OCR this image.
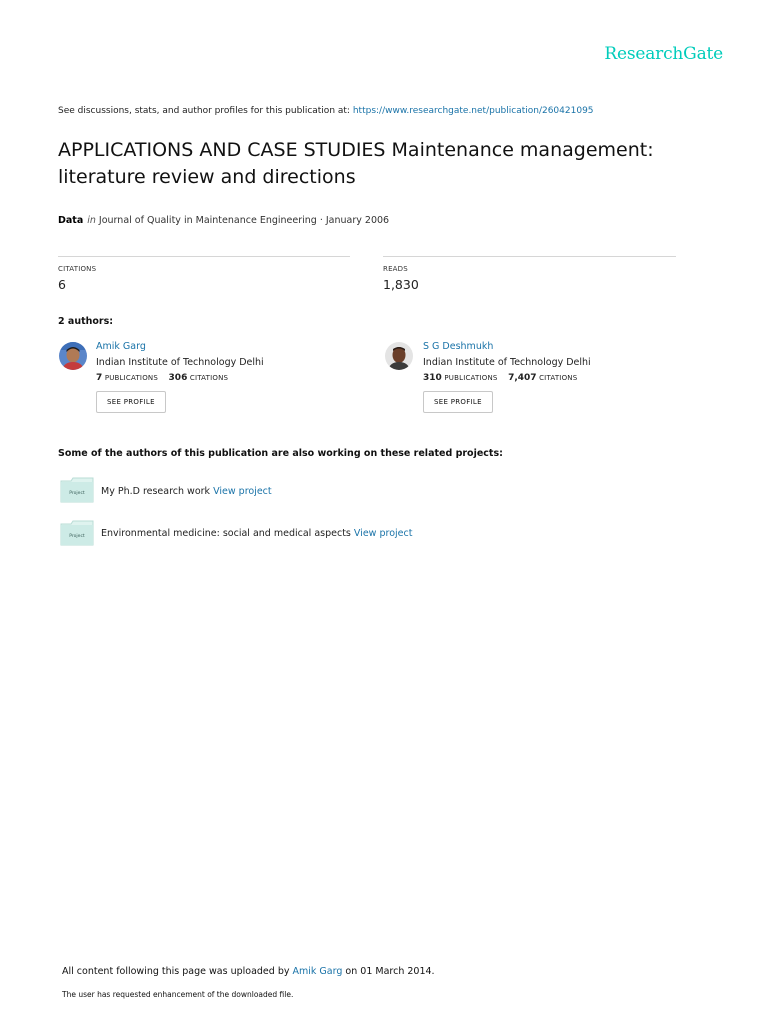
ResearchGate
See discussions, stats, and author profiles for this publication at: https://www.researchgate.net/publication/260421095
APPLICATIONS AND CASE STUDIES Maintenance management: literature review and directions
Data in Journal of Quality in Maintenance Engineering · January 2006
CITATIONS
6
READS
1,830
2 authors:
Amik Garg
Indian Institute of Technology Delhi
7 PUBLICATIONS 306 CITATIONS
SEE PROFILE
S G Deshmukh
Indian Institute of Technology Delhi
310 PUBLICATIONS 7,407 CITATIONS
SEE PROFILE
Some of the authors of this publication are also working on these related projects:
Project My Ph.D research work View project
Project Environmental medicine: social and medical aspects View project
All content following this page was uploaded by Amik Garg on 01 March 2014.
The user has requested enhancement of the downloaded file.
